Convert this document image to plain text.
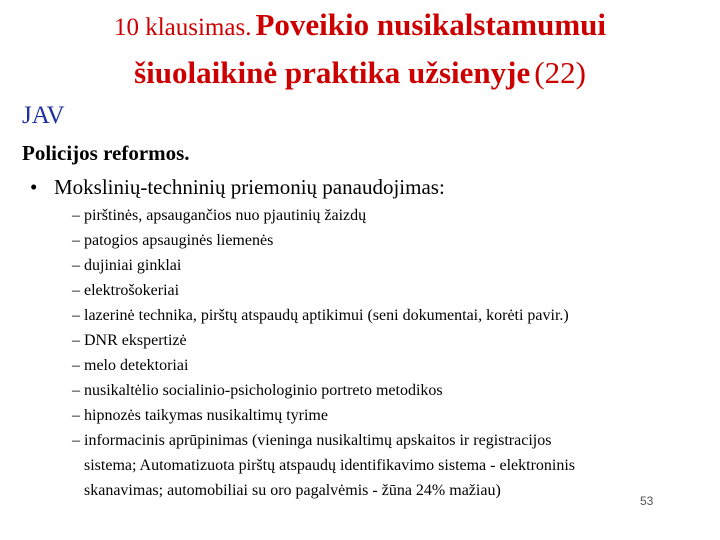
10 klausimas. Poveikio nusikalstamumui
šiuolaikinė praktika užsienyje (22)
JAV
Policijos reformos.
• Mokslinių-techninių priemonių panaudojimas:
– pirštinės, apsaugančios nuo pjautinių žaizdų
– patogios apsauginės liemenės
– dujiniai ginklai
– elektrošokeriai
– lazerinė technika, pirštų atspaudų aptikimui (seni dokumentai, korėti pavir.)
– DNR ekspertizė
– melo detektoriai
– nusikaltėlio socialinio-psichologinio portreto metodikos
– hipnozės taikymas nusikaltimų tyrime
– informacinis aprūpinimas (vieninga nusikaltimų apskaitos ir registracijos
sistema; Automatizuota pirštų atspaudų identifikavimo sistema - elektroninis
skanavimas; automobiliai su oro pagalvėmis - žūna 24% mažiau)
53
